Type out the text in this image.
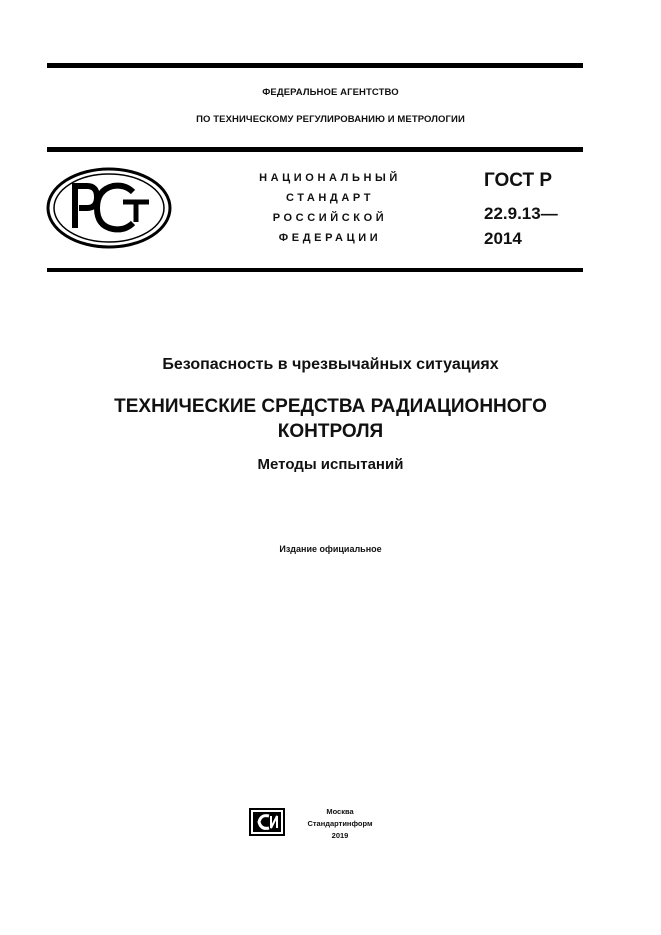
ФЕДЕРАЛЬНОЕ АГЕНТСТВО
ПО ТЕХНИЧЕСКОМУ РЕГУЛИРОВАНИЮ И МЕТРОЛОГИИ
НАЦИОНАЛЬНЫЙ
СТАНДАРТ
РОССИЙСКОЙ
ФЕДЕРАЦИИ
ГОСТ Р
22.9.13—
2014
Безопасность в чрезвычайных ситуациях
ТЕХНИЧЕСКИЕ СРЕДСТВА РАДИАЦИОННОГО
КОНТРОЛЯ
Методы испытаний
Издание официальное
Москва
Стандартинформ
2019
